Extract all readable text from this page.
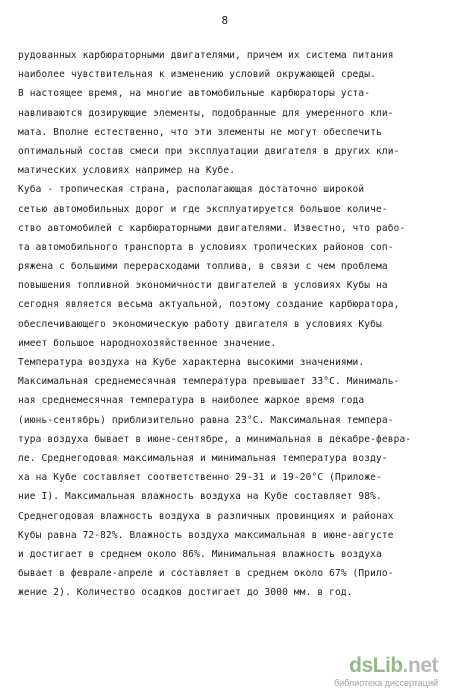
8
рудованных карбюраторными двигателями, причем их система питания
наиболее чувствительная к изменению условий окружающей среды.
В настоящее время, на многие автомобильные карбюраторы уста-
навливаются дозирующие элементы, подобранные для умеренного кли-
мата. Вполне естественно, что эти элементы не могут обеспечить
оптимальный состав смеси при эксплуатации двигателя в других кли-
матических условиях например на Кубе.
Куба - тропическая страна, располагающая достаточно широкой
сетью автомобильных дорог и где эксплуатируется большое количе-
ство автомобилей с карбюраторными двигателями. Известно, что рабо-
та автомобильного транспорта в условиях тропических районов соп-
ряжена с большими перерасходами топлива, в связи с чем проблема
повышения топливной экономичности двигателей в условиях Кубы на
сегодня является весьма актуальной, поэтому создание карбюратора,
обеспечивающего экономическую работу двигателя в условиях Кубы
имеет большое народнохозяйственное значение.
Температура воздуха на Кубе характерна высокими значениями.
Максимальная среднемесячная температура превышает 33°С. Минималь-
ная среднемесячная температура в наиболее жаркое время года
(июнь-сентябрь) приблизительно равна 23°С. Максимальная темпера-
тура воздуха бывает в июне-сентябре, а минимальная в декабре-февра-
ле. Среднегодовая максимальная и минимальная температура возду-
ха на Кубе составляет соответственно 29-31 и 19-20°С (Приложе-
ние I). Максимальная влажность воздуха на Кубе составляет 98%.
Среднегодовая влажность воздуха в различных провинциях и районах
Кубы равна 72-82%. Влажность воздуха максимальная в июне-августе
и достигает в среднем около 86%. Минимальная влажность воздуха
бывает в феврале-апреле и составляет в среднем около 67% (Прило-
жение 2). Количество осадков достигает до 3000 мм. в год.
dsLib.net
библиотека диссертаций
